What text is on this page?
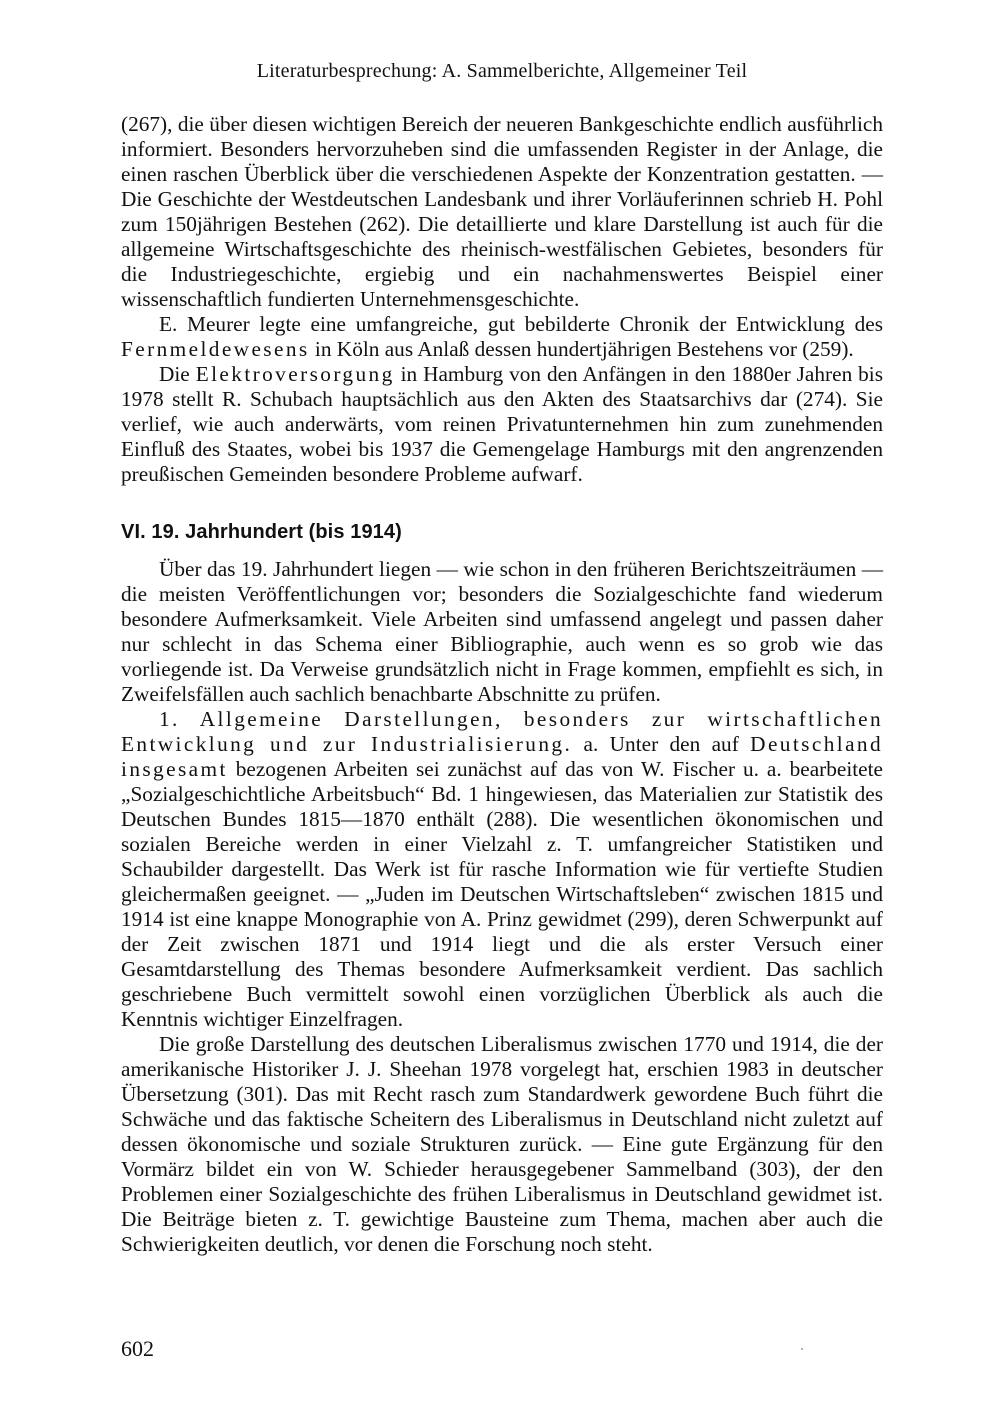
Literaturbesprechung: A. Sammelberichte, Allgemeiner Teil

(267), die über diesen wichtigen Bereich der neueren Bankgeschichte endlich ausführlich informiert. Besonders hervorzuheben sind die umfassenden Register in der Anlage, die einen raschen Überblick über die verschiedenen Aspekte der Konzentration gestatten. — Die Geschichte der Westdeutschen Landesbank und ihrer Vorläuferinnen schrieb H. Pohl zum 150jährigen Bestehen (262). Die detaillierte und klare Darstellung ist auch für die allgemeine Wirtschaftsgeschichte des rheinisch-westfälischen Gebietes, besonders für die Industriegeschichte, ergiebig und ein nachahmenswertes Beispiel einer wissenschaftlich fundierten Unternehmensgeschichte.

E. Meurer legte eine umfangreiche, gut bebilderte Chronik der Entwicklung des Fernmeldewesens in Köln aus Anlaß dessen hundertjährigen Bestehens vor (259).

Die Elektroversorgung in Hamburg von den Anfängen in den 1880er Jahren bis 1978 stellt R. Schubach hauptsächlich aus den Akten des Staatsarchivs dar (274). Sie verlief, wie auch anderwärts, vom reinen Privatunternehmen hin zum zunehmenden Einfluß des Staates, wobei bis 1937 die Gemengelage Hamburgs mit den angrenzenden preußischen Gemeinden besondere Probleme aufwarf.

VI. 19. Jahrhundert (bis 1914)

Über das 19. Jahrhundert liegen — wie schon in den früheren Berichtszeiträumen — die meisten Veröffentlichungen vor; besonders die Sozialgeschichte fand wiederum besondere Aufmerksamkeit. Viele Arbeiten sind umfassend angelegt und passen daher nur schlecht in das Schema einer Bibliographie, auch wenn es so grob wie das vorliegende ist. Da Verweise grundsätzlich nicht in Frage kommen, empfiehlt es sich, in Zweifelsfällen auch sachlich benachbarte Abschnitte zu prüfen.

1. Allgemeine Darstellungen, besonders zur wirtschaftlichen Entwicklung und zur Industrialisierung. a. Unter den auf Deutschland insgesamt bezogenen Arbeiten sei zunächst auf das von W. Fischer u. a. bearbeitete „Sozialgeschichtliche Arbeitsbuch“ Bd. 1 hingewiesen, das Materialien zur Statistik des Deutschen Bundes 1815—1870 enthält (288). Die wesentlichen ökonomischen und sozialen Bereiche werden in einer Vielzahl z. T. umfangreicher Statistiken und Schaubilder dargestellt. Das Werk ist für rasche Information wie für vertiefte Studien gleichermaßen geeignet. — „Juden im Deutschen Wirtschaftsleben“ zwischen 1815 und 1914 ist eine knappe Monographie von A. Prinz gewidmet (299), deren Schwerpunkt auf der Zeit zwischen 1871 und 1914 liegt und die als erster Versuch einer Gesamtdarstellung des Themas besondere Aufmerksamkeit verdient. Das sachlich geschriebene Buch vermittelt sowohl einen vorzüglichen Überblick als auch die Kenntnis wichtiger Einzelfragen.

Die große Darstellung des deutschen Liberalismus zwischen 1770 und 1914, die der amerikanische Historiker J. J. Sheehan 1978 vorgelegt hat, erschien 1983 in deutscher Übersetzung (301). Das mit Recht rasch zum Standardwerk gewordene Buch führt die Schwäche und das faktische Scheitern des Liberalismus in Deutschland nicht zuletzt auf dessen ökonomische und soziale Strukturen zurück. — Eine gute Ergänzung für den Vormärz bildet ein von W. Schieder herausgegebener Sammelband (303), der den Problemen einer Sozialgeschichte des frühen Liberalismus in Deutschland gewidmet ist. Die Beiträge bieten z. T. gewichtige Bausteine zum Thema, machen aber auch die Schwierigkeiten deutlich, vor denen die Forschung noch steht.

602
